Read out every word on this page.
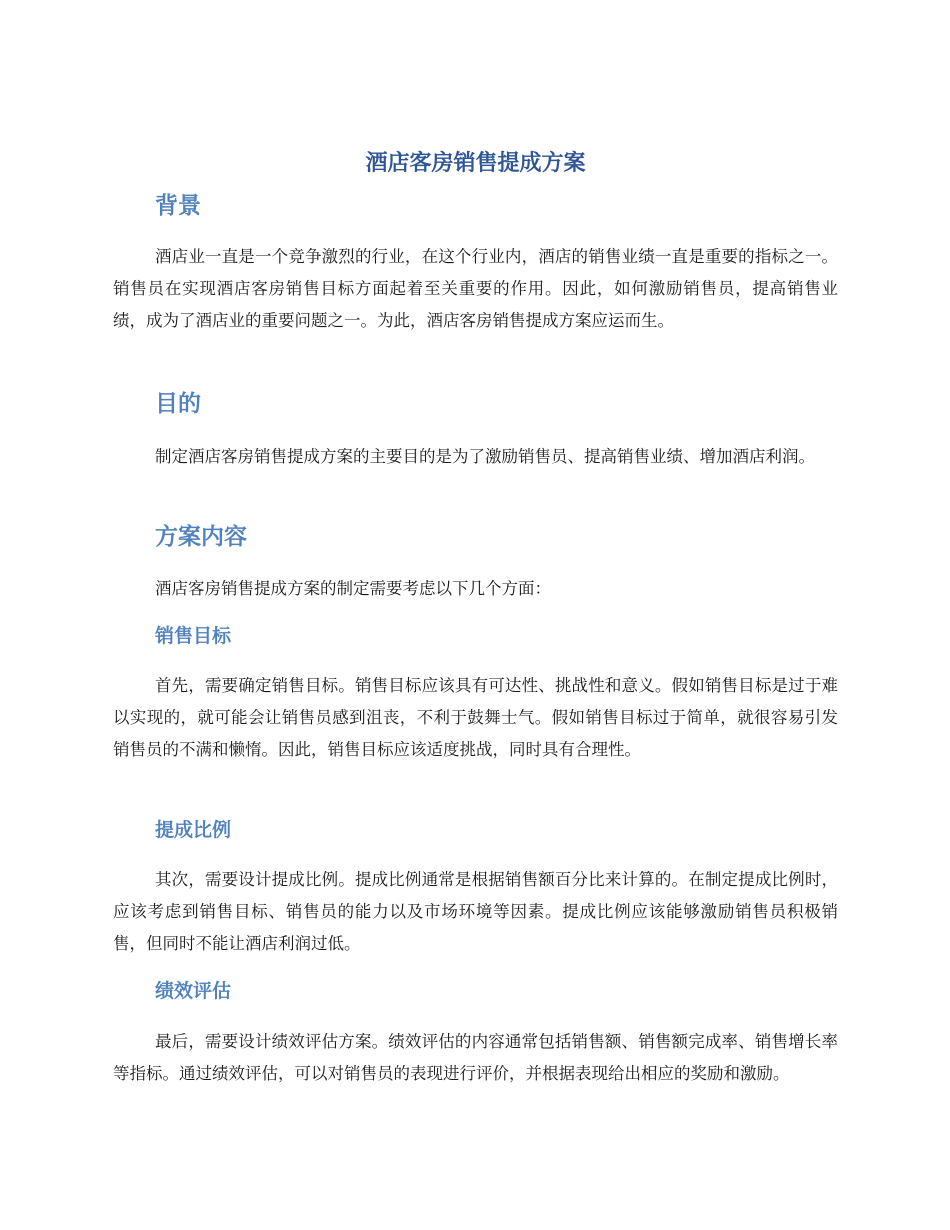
酒店客房销售提成方案
背景

酒店业一直是一个竞争激烈的行业，在这个行业内，酒店的销售业绩一直是重要的指标之一。销售员在实现酒店客房销售目标方面起着至关重要的作用。因此，如何激励销售员，提高销售业绩，成为了酒店业的重要问题之一。为此，酒店客房销售提成方案应运而生。

目的

制定酒店客房销售提成方案的主要目的是为了激励销售员、提高销售业绩、增加酒店利润。

方案内容

酒店客房销售提成方案的制定需要考虑以下几个方面：

销售目标

首先，需要确定销售目标。销售目标应该具有可达性、挑战性和意义。假如销售目标是过于难以实现的，就可能会让销售员感到沮丧，不利于鼓舞士气。假如销售目标过于简单，就很容易引发销售员的不满和懒惰。因此，销售目标应该适度挑战，同时具有合理性。

提成比例

其次，需要设计提成比例。提成比例通常是根据销售额百分比来计算的。在制定提成比例时，应该考虑到销售目标、销售员的能力以及市场环境等因素。提成比例应该能够激励销售员积极销售，但同时不能让酒店利润过低。

绩效评估

最后，需要设计绩效评估方案。绩效评估的内容通常包括销售额、销售额完成率、销售增长率等指标。通过绩效评估，可以对销售员的表现进行评价，并根据表现给出相应的奖励和激励。
